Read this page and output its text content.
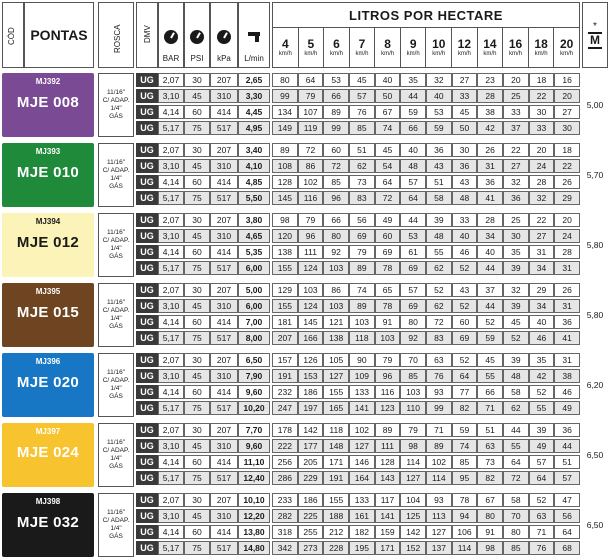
CÓD	PONTAS	ROSCA	DMV
BAR PSI kPa L/min
LITROS POR HECTARE
4
km/h
5
km/h
6
km/h
7
km/h
8
km/h
9
km/h
10
km/h
12
km/h
14
km/h
16
km/h
18
km/h
20
km/h
*
M
MJ392
MJE 008
11/16"
C/ ADAP.
1/4"
GÁS
UG	2,07	30	207	2,65	80	64	53	45	40	35	32	27	23	20	18	16
UG	3,10	45	310	3,30	99	79	66	57	50	44	40	33	28	25	22	20
UG	4,14	60	414	4,45	134	107	89	76	67	59	53	45	38	33	30	27
UG	5,17	75	517	4,95	149	119	99	85	74	66	59	50	42	37	33	30
5,00
MJ393
MJE 010
11/16"
C/ ADAP.
1/4"
GÁS
UG	2,07	30	207	3,40	89	72	60	51	45	40	36	30	26	22	20	18
UG	3,10	45	310	4,10	108	86	72	62	54	48	43	36	31	27	24	22
UG	4,14	60	414	4,85	128	102	85	73	64	57	51	43	36	32	28	26
UG	5,17	75	517	5,50	145	116	96	83	72	64	58	48	41	36	32	29
5,70
MJ394
MJE 012
11/16"
C/ ADAP.
1/4"
GÁS
UG	2,07	30	207	3,80	98	79	66	56	49	44	39	33	28	25	22	20
UG	3,10	45	310	4,65	120	96	80	69	60	53	48	40	34	30	27	24
UG	4,14	60	414	5,35	138	111	92	79	69	61	55	46	40	35	31	28
UG	5,17	75	517	6,00	155	124	103	89	78	69	62	52	44	39	34	31
5,80
MJ395
MJE 015
11/16"
C/ ADAP.
1/4"
GÁS
UG	2,07	30	207	5,00	129	103	86	74	65	57	52	43	37	32	29	26
UG	3,10	45	310	6,00	155	124	103	89	78	69	62	52	44	39	34	31
UG	4,14	60	414	7,00	181	145	121	103	91	80	72	60	52	45	40	36
UG	5,17	75	517	8,00	207	166	138	118	103	92	83	69	59	52	46	41
5,80
MJ396
MJE 020
11/16"
C/ ADAP.
1/4"
GÁS
UG	2,07	30	207	6,50	157	126	105	90	79	70	63	52	45	39	35	31
UG	3,10	45	310	7,90	191	153	127	109	96	85	76	64	55	48	42	38
UG	4,14	60	414	9,60	232	186	155	133	116	103	93	77	66	58	52	46
UG	5,17	75	517	10,20	247	197	165	141	123	110	99	82	71	62	55	49
6,20
MJ397
MJE 024
11/16"
C/ ADAP.
1/4"
GÁS
UG	2,07	30	207	7,70	178	142	118	102	89	79	71	59	51	44	39	36
UG	3,10	45	310	9,60	222	177	148	127	111	98	89	74	63	55	49	44
UG	4,14	60	414	11,10	256	205	171	146	128	114	102	85	73	64	57	51
UG	5,17	75	517	12,40	286	229	191	164	143	127	114	95	82	72	64	57
6,50
MJ398
MJE 032
11/16"
C/ ADAP.
1/4"
GÁS
UG	2,07	30	207	10,10	233	186	155	133	117	104	93	78	67	58	52	47
UG	3,10	45	310	12,20	282	225	188	161	141	125	113	94	80	70	63	56
UG	4,14	60	414	13,80	318	255	212	182	159	142	127	106	91	80	71	64
UG	5,17	75	517	14,80	342	273	228	195	171	152	137	114	98	85	76	68
6,50
